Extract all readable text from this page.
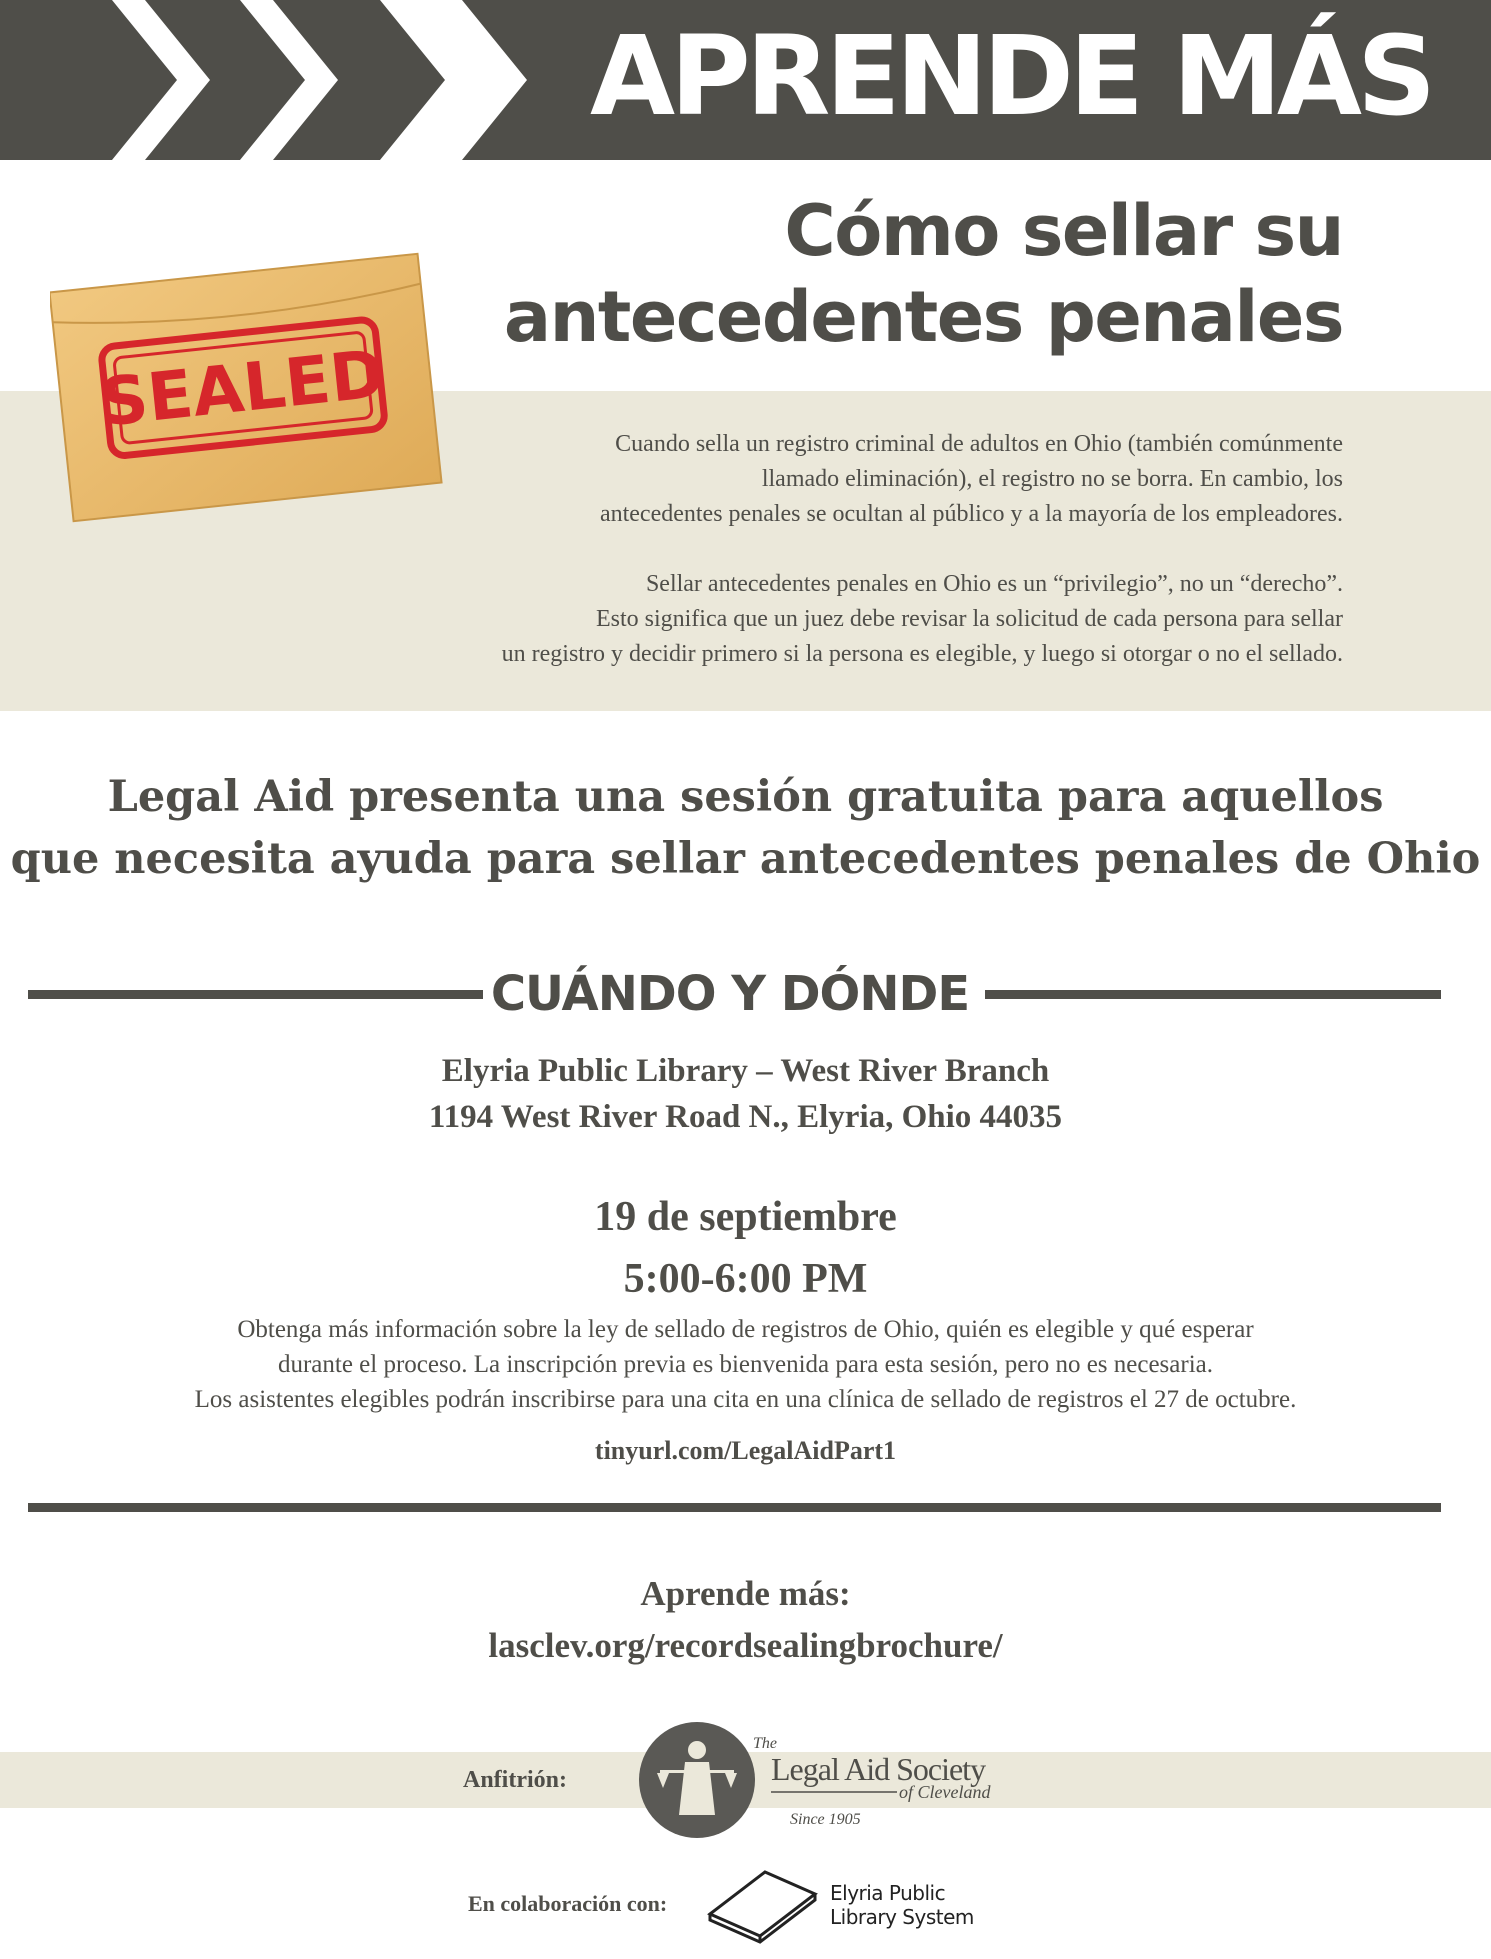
APRENDE MÁS
Cómo sellar su
antecedentes penales
Cuando sella un registro criminal de adultos en Ohio (también comúnmente
llamado eliminación), el registro no se borra. En cambio, los
antecedentes penales se ocultan al público y a la mayoría de los empleadores.
Sellar antecedentes penales en Ohio es un “privilegio”, no un “derecho”.
Esto significa que un juez debe revisar la solicitud de cada persona para sellar
un registro y decidir primero si la persona es elegible, y luego si otorgar o no el sellado.
SEALED
Legal Aid presenta una sesión gratuita para aquellos
que necesita ayuda para sellar antecedentes penales de Ohio
CUÁNDO Y DÓNDE
Elyria Public Library – West River Branch
1194 West River Road N., Elyria, Ohio 44035
19 de septiembre
5:00-6:00 PM
Obtenga más información sobre la ley de sellado de registros de Ohio, quién es elegible y qué esperar
durante el proceso. La inscripción previa es bienvenida para esta sesión, pero no es necesaria.
Los asistentes elegibles podrán inscribirse para una cita en una clínica de sellado de registros el 27 de octubre.
tinyurl.com/LegalAidPart1
Aprende más:
lasclev.org/recordsealingbrochure/
Anfitrión:
The
Legal Aid Society
of Cleveland
Since 1905
En colaboración con:	Elyria Public
Library System
